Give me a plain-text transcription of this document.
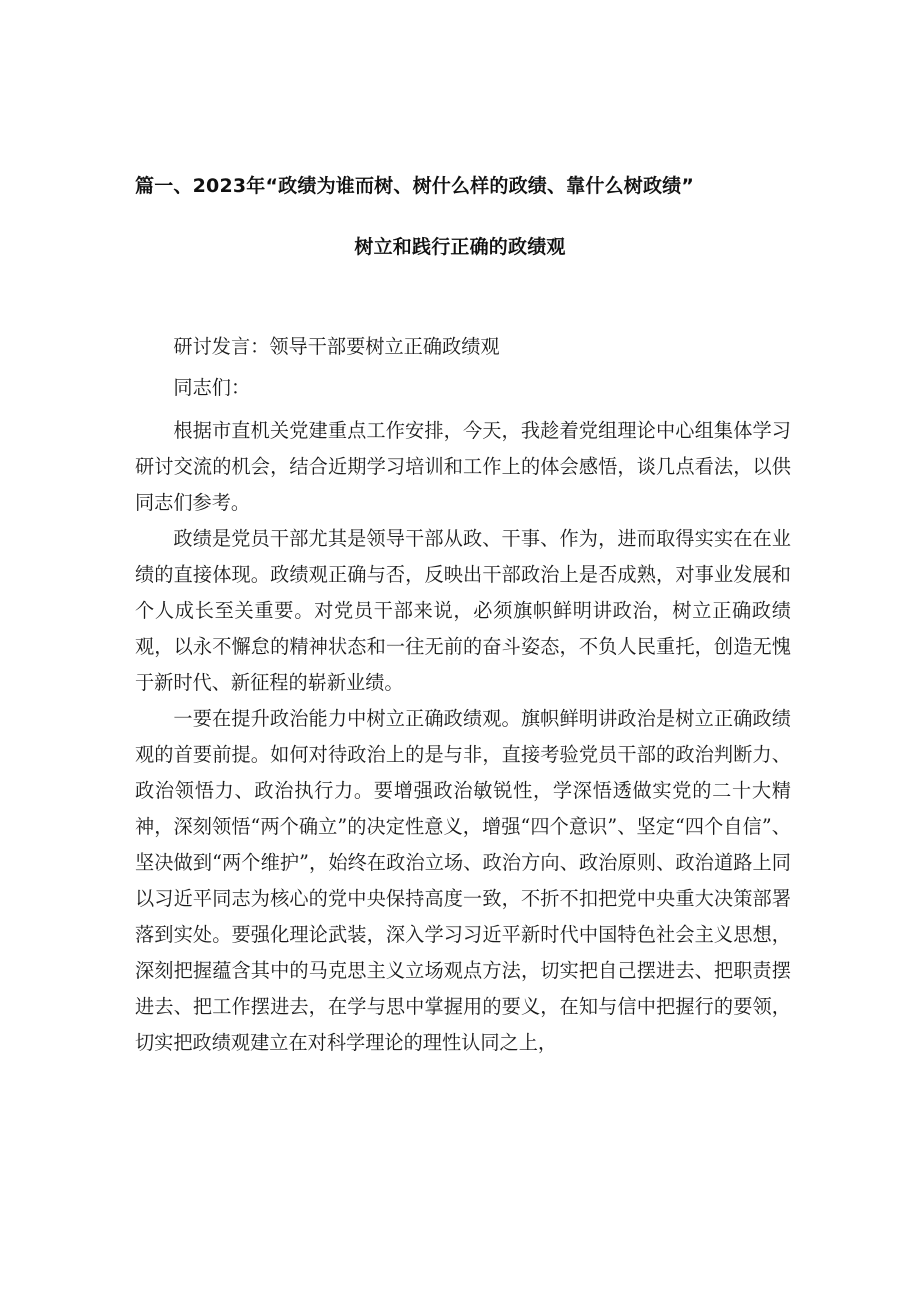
篇一、2023年“政绩为谁而树、树什么样的政绩、靠什么树政绩”
树立和践行正确的政绩观

研讨发言：领导干部要树立正确政绩观

同志们：

根据市直机关党建重点工作安排，今天，我趁着党组理论中心组集体学习研讨交流的机会，结合近期学习培训和工作上的体会感悟，谈几点看法，以供同志们参考。

政绩是党员干部尤其是领导干部从政、干事、作为，进而取得实实在在业绩的直接体现。政绩观正确与否，反映出干部政治上是否成熟，对事业发展和个人成长至关重要。对党员干部来说，必须旗帜鲜明讲政治，树立正确政绩观，以永不懈怠的精神状态和一往无前的奋斗姿态，不负人民重托，创造无愧于新时代、新征程的崭新业绩。

一要在提升政治能力中树立正确政绩观。旗帜鲜明讲政治是树立正确政绩观的首要前提。如何对待政治上的是与非，直接考验党员干部的政治判断力、政治领悟力、政治执行力。要增强政治敏锐性，学深悟透做实党的二十大精神，深刻领悟“两个确立”的决定性意义，增强“四个意识”、坚定“四个自信”、坚决做到“两个维护”，始终在政治立场、政治方向、政治原则、政治道路上同以习近平同志为核心的党中央保持高度一致，不折不扣把党中央重大决策部署落到实处。要强化理论武装，深入学习习近平新时代中国特色社会主义思想，深刻把握蕴含其中的马克思主义立场观点方法，切实把自己摆进去、把职责摆进去、把工作摆进去，在学与思中掌握用的要义，在知与信中把握行的要领，切实把政绩观建立在对科学理论的理性认同之上，
